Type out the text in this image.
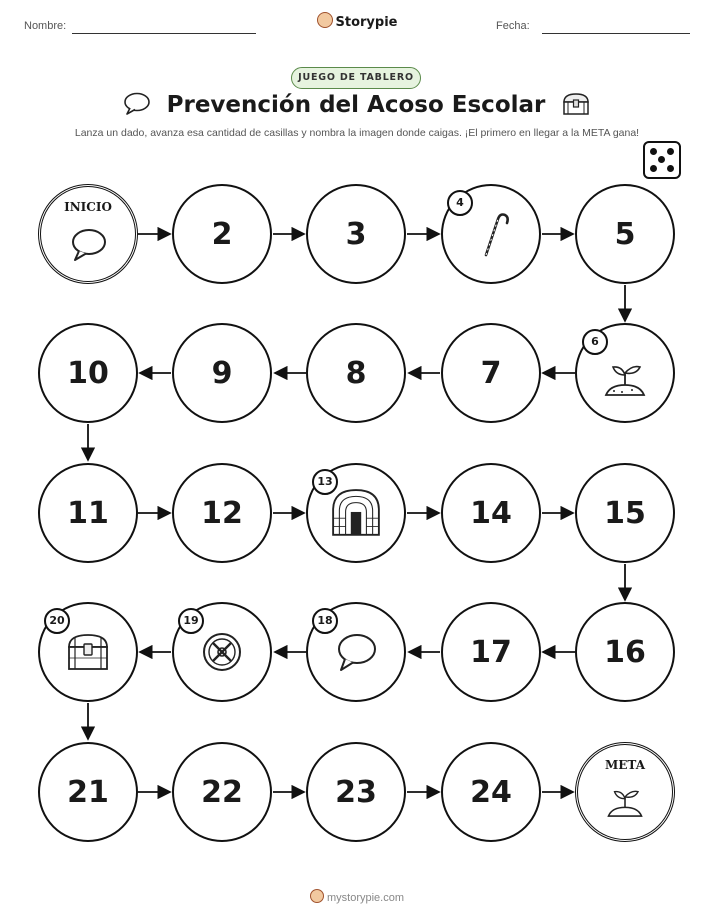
Nombre:	Storypie	Fecha:
JUEGO DE TABLERO
Prevención del Acoso Escolar
Lanza un dado, avanza esa cantidad de casillas y nombra la imagen donde caigas. ¡El primero en llegar a la META gana!
INICIO
2	3
4
5
10	9	8	7
6
11	12
13
14	15
20	19	18
17	16
21	22	23	24
META
mystorypie.com
